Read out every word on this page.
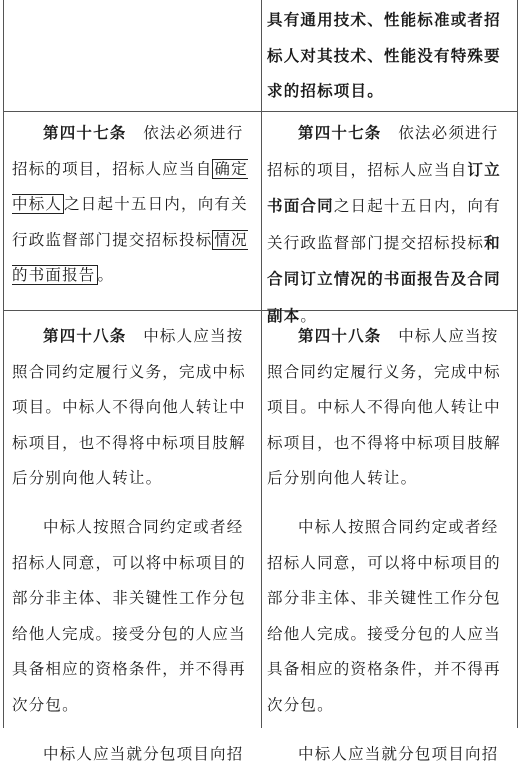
具有通用技术、性能标准或者招

标人对其技术、性能没有特殊要

求的招标项目。

第四十七条　 依法必须进行招标的项目，招标人应当自 确定中标人 之日起十五日内，向有关行政监督部门提交招标投标 情况的书面报告 。

第四十七条　 依法必须进行招标的项目，招标人应当自订立书面合同之日起十五日内，向有关行政监督部门提交招标投标和合同订立情况的书面报告及合同副本。

第四十八条　 中标人应当按照合同约定履行义务，完成中标项目。中标人不得向他人转让中标项目，也不得将中标项目肢解后分别向他人转让。

中标人按照合同约定或者经招标人同意，可以将中标项目的部分非主体、非关键性工作分包给他人完成。接受分包的人应当具备相应的资格条件，并不得再次分包。

中标人应当就分包项目向招

第四十八条　 中标人应当按照合同约定履行义务，完成中标项目。中标人不得向他人转让中标项目，也不得将中标项目肢解后分别向他人转让。

中标人按照合同约定或者经招标人同意，可以将中标项目的部分非主体、非关键性工作分包给他人完成。接受分包的人应当具备相应的资格条件，并不得再次分包。

中标人应当就分包项目向招
